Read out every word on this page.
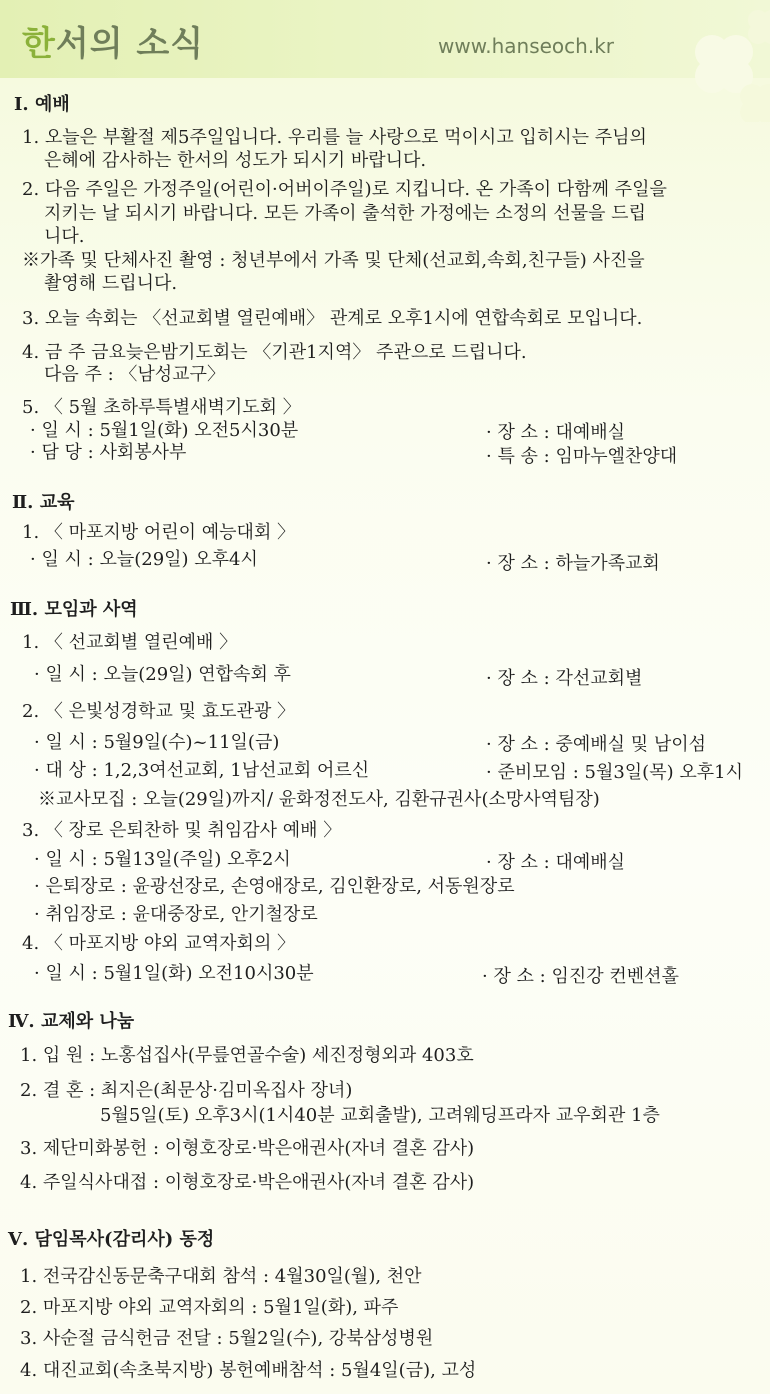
한서의 소식	www.hanseoch.kr
Ⅰ. 예배
1. 오늘은 부활절 제5주일입니다. 우리를 늘 사랑으로 먹이시고 입히시는 주님의
은혜에 감사하는 한서의 성도가 되시기 바랍니다.
2. 다음 주일은 가정주일(어린이·어버이주일)로 지킵니다. 온 가족이 다함께 주일을
지키는 날 되시기 바랍니다. 모든 가족이 출석한 가정에는 소정의 선물을 드립
니다.
※가족 및 단체사진 촬영 : 청년부에서 가족 및 단체(선교회,속회,친구들) 사진을
촬영해 드립니다.
3. 오늘 속회는 〈선교회별 열린예배〉 관계로 오후1시에 연합속회로 모입니다.
4. 금 주 금요늦은밤기도회는 〈기관1지역〉 주관으로 드립니다.
다음 주 : 〈남성교구〉
5. 〈 5월 초하루특별새벽기도회 〉
· 일 시 : 5월1일(화) 오전5시30분	· 장 소 : 대예배실
· 담 당 : 사회봉사부	· 특 송 : 임마누엘찬양대
Ⅱ. 교육
1. 〈 마포지방 어린이 예능대회 〉
· 일 시 : 오늘(29일) 오후4시	· 장 소 : 하늘가족교회
Ⅲ. 모임과 사역
1. 〈 선교회별 열린예배 〉
· 일 시 : 오늘(29일) 연합속회 후	· 장 소 : 각선교회별
2. 〈 은빛성경학교 및 효도관광 〉
· 일 시 : 5월9일(수)~11일(금)	· 장 소 : 중예배실 및 남이섬
· 대 상 : 1,2,3여선교회, 1남선교회 어르신	· 준비모임 : 5월3일(목) 오후1시
※교사모집 : 오늘(29일)까지/ 윤화정전도사, 김환규권사(소망사역팀장)
3. 〈 장로 은퇴찬하 및 취임감사 예배 〉
· 일 시 : 5월13일(주일) 오후2시	· 장 소 : 대예배실
· 은퇴장로 : 윤광선장로, 손영애장로, 김인환장로, 서동원장로
· 취임장로 : 윤대중장로, 안기철장로
4. 〈 마포지방 야외 교역자회의 〉
· 일 시 : 5월1일(화) 오전10시30분	· 장 소 : 임진강 컨벤션홀
Ⅳ. 교제와 나눔
1. 입 원 : 노홍섭집사(무릎연골수술) 세진정형외과 403호
2. 결 혼 : 최지은(최문상·김미옥집사 장녀)
5월5일(토) 오후3시(1시40분 교회출발), 고려웨딩프라자 교우회관 1층
3. 제단미화봉헌 : 이형호장로·박은애권사(자녀 결혼 감사)
4. 주일식사대접 : 이형호장로·박은애권사(자녀 결혼 감사)
Ⅴ. 담임목사(감리사) 동정
1. 전국감신동문축구대회 참석 : 4월30일(월), 천안
2. 마포지방 야외 교역자회의 : 5월1일(화), 파주
3. 사순절 금식헌금 전달 : 5월2일(수), 강북삼성병원
4. 대진교회(속초북지방) 봉헌예배참석 : 5월4일(금), 고성
